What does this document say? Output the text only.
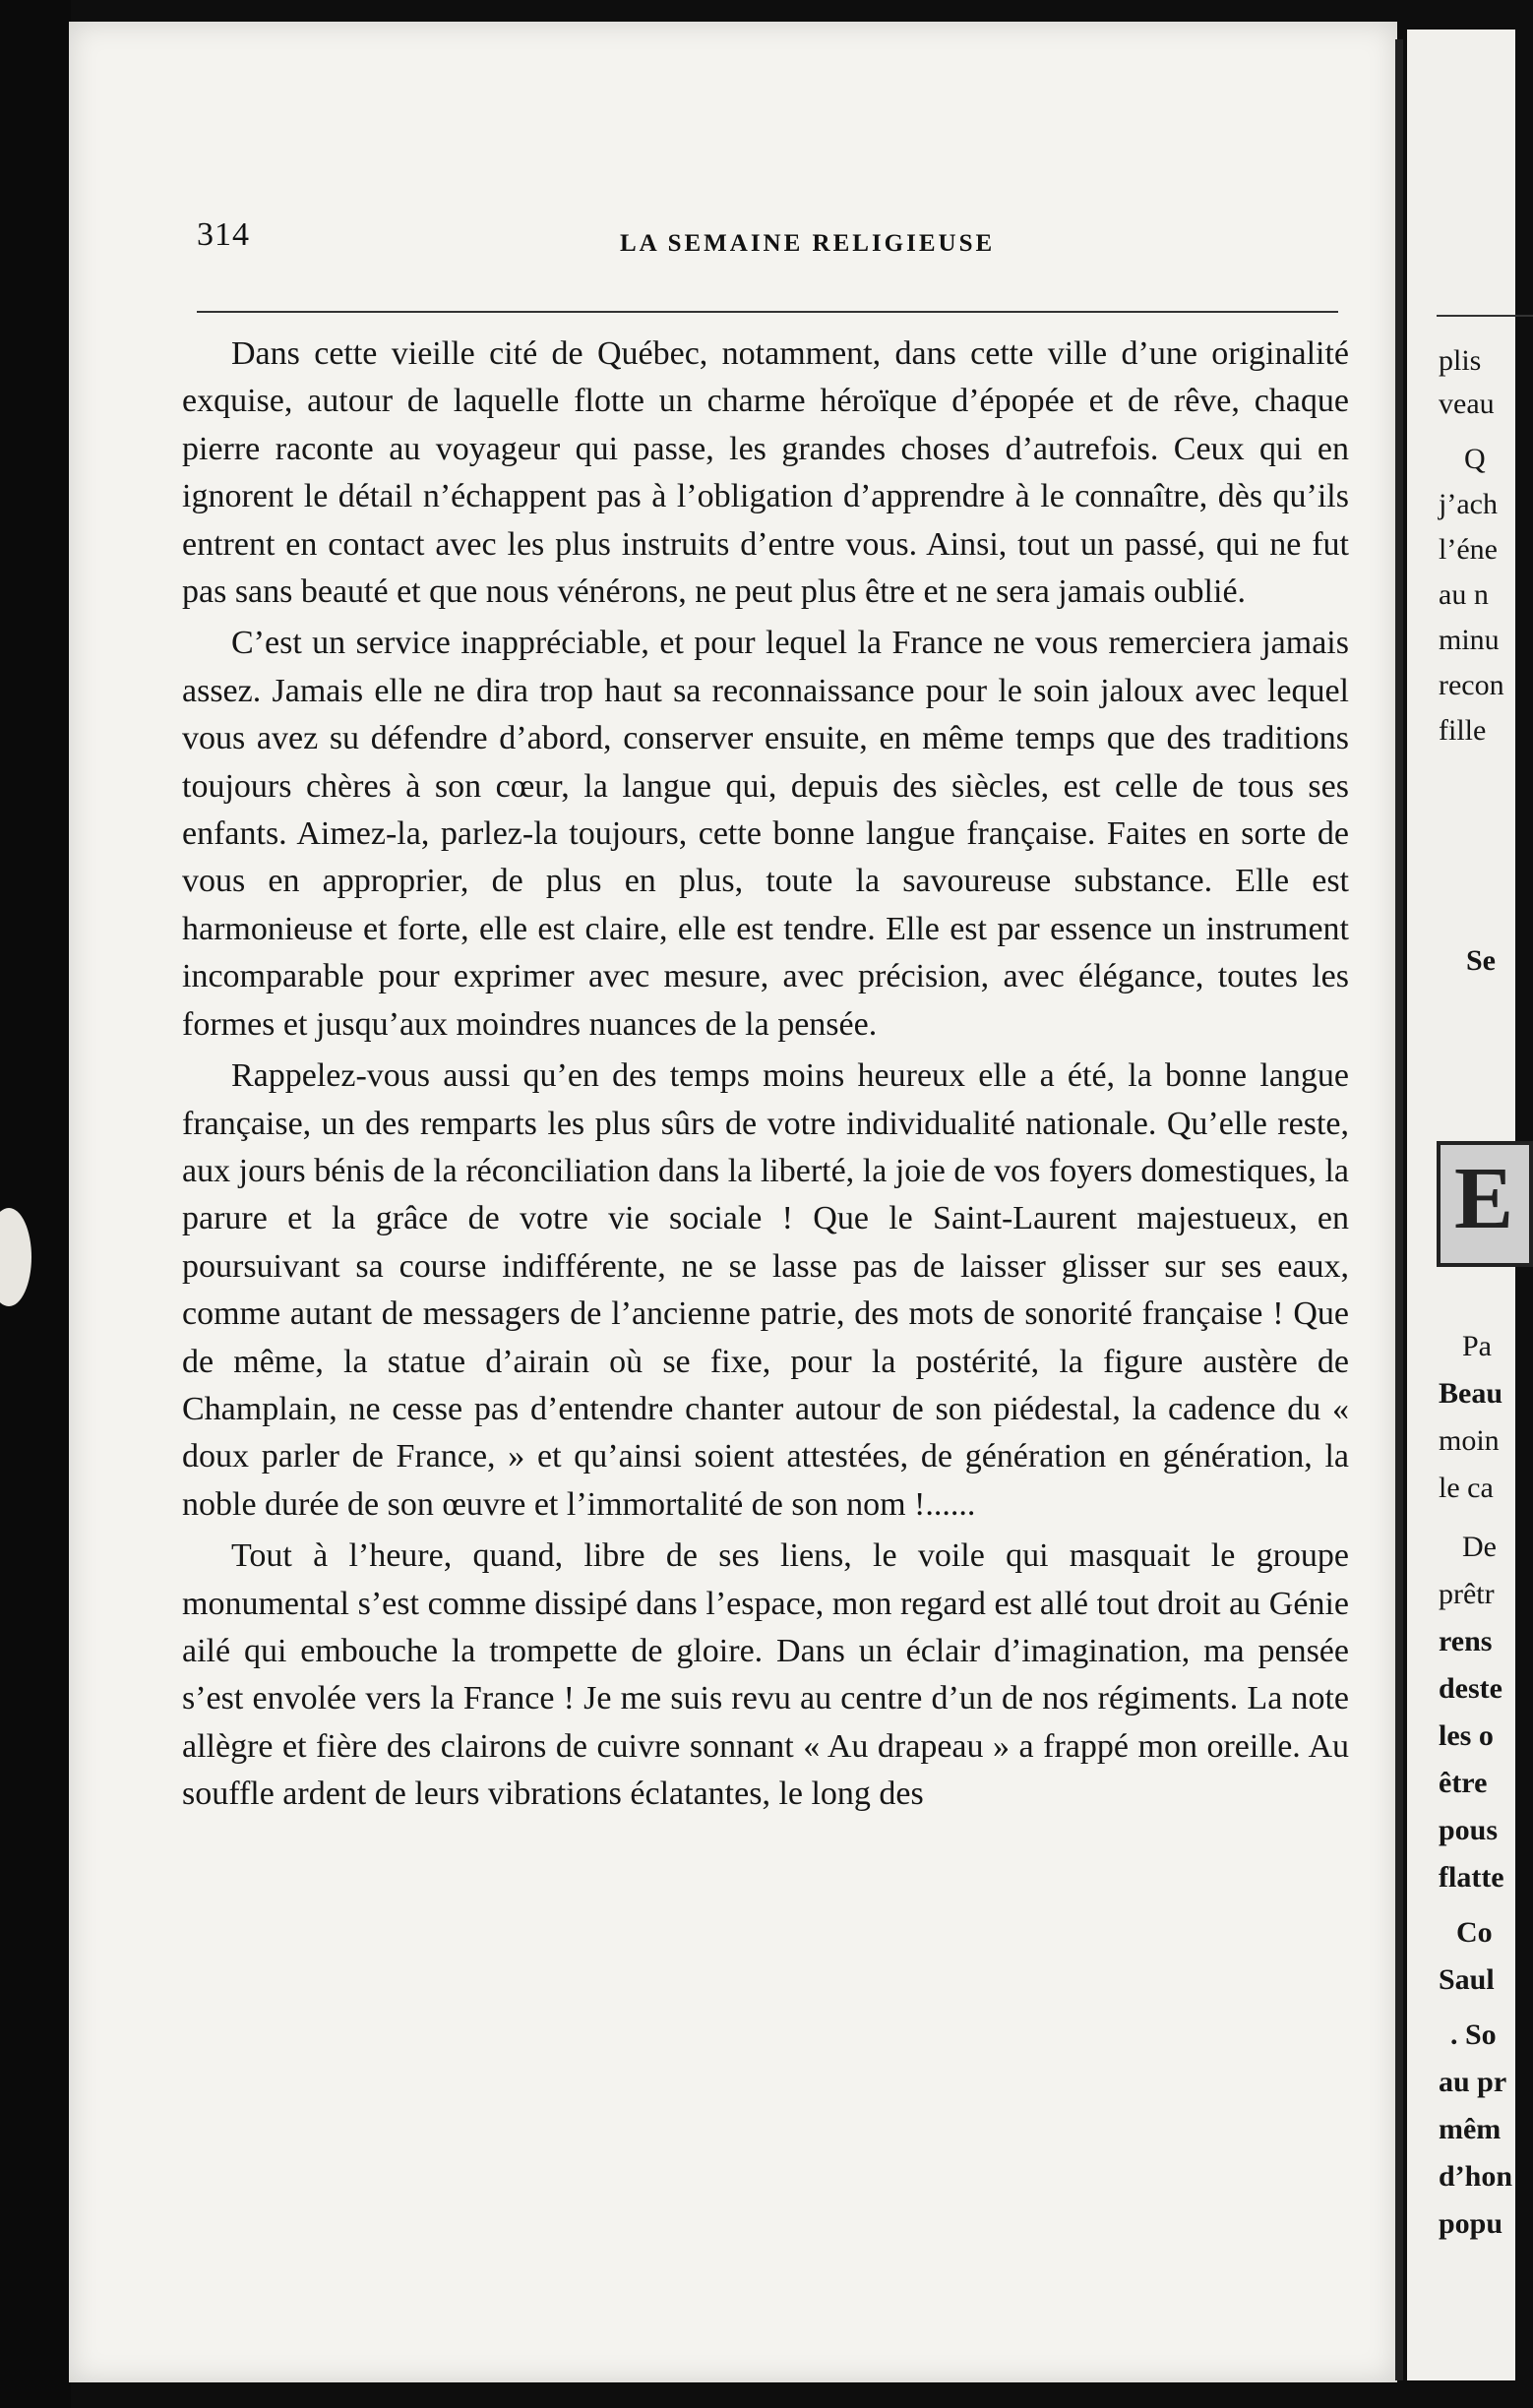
314	LA SEMAINE RELIGIEUSE

Dans cette vieille cité de Québec, notamment, dans cette ville d’une originalité exquise, autour de laquelle flotte un charme héroïque d’épopée et de rêve, chaque pierre raconte au voyageur qui passe, les grandes choses d’autrefois. Ceux qui en ignorent le détail n’échappent pas à l’obligation d’apprendre à le connaître, dès qu’ils entrent en contact avec les plus instruits d’entre vous. Ainsi, tout un passé, qui ne fut pas sans beauté et que nous vénérons, ne peut plus être et ne sera jamais oublié.

C’est un service inappréciable, et pour lequel la France ne vous remerciera jamais assez. Jamais elle ne dira trop haut sa reconnaissance pour le soin jaloux avec lequel vous avez su défendre d’abord, conserver ensuite, en même temps que des traditions toujours chères à son cœur, la langue qui, depuis des siècles, est celle de tous ses enfants. Aimez-la, parlez-la toujours, cette bonne langue française. Faites en sorte de vous en approprier, de plus en plus, toute la savoureuse substance. Elle est harmonieuse et forte, elle est claire, elle est tendre. Elle est par essence un instrument incomparable pour exprimer avec mesure, avec précision, avec élégance, toutes les formes et jusqu’aux moindres nuances de la pensée.

Rappelez-vous aussi qu’en des temps moins heureux elle a été, la bonne langue française, un des remparts les plus sûrs de votre individualité nationale. Qu’elle reste, aux jours bénis de la réconciliation dans la liberté, la joie de vos foyers domestiques, la parure et la grâce de votre vie sociale ! Que le Saint-Laurent majestueux, en poursuivant sa course indifférente, ne se lasse pas de laisser glisser sur ses eaux, comme autant de messagers de l’ancienne patrie, des mots de sonorité française ! Que de même, la statue d’airain où se fixe, pour la postérité, la figure austère de Champlain, ne cesse pas d’entendre chanter autour de son piédestal, la cadence du « doux parler de France, » et qu’ainsi soient attestées, de génération en génération, la noble durée de son œuvre et l’immortalité de son nom !......

Tout à l’heure, quand, libre de ses liens, le voile qui masquait le groupe monumental s’est comme dissipé dans l’espace, mon regard est allé tout droit au Génie ailé qui embouche la trompette de gloire. Dans un éclair d’imagination, ma pensée s’est envolée vers la France ! Je me suis revu au centre d’un de nos régiments. La note allègre et fière des clairons de cuivre sonnant « Au drapeau » a frappé mon oreille. Au souffle ardent de leurs vibrations éclatantes, le long des

plis
veau
Q
j’ach
l’éne
au n
minu
recon
fille
Se
E
Pa
Beau
moin
le ca
De
prêtr
rens
deste
les o
être
pous
flatte
Co
Saul
. So
au pr
mêm
d’hon
popu
